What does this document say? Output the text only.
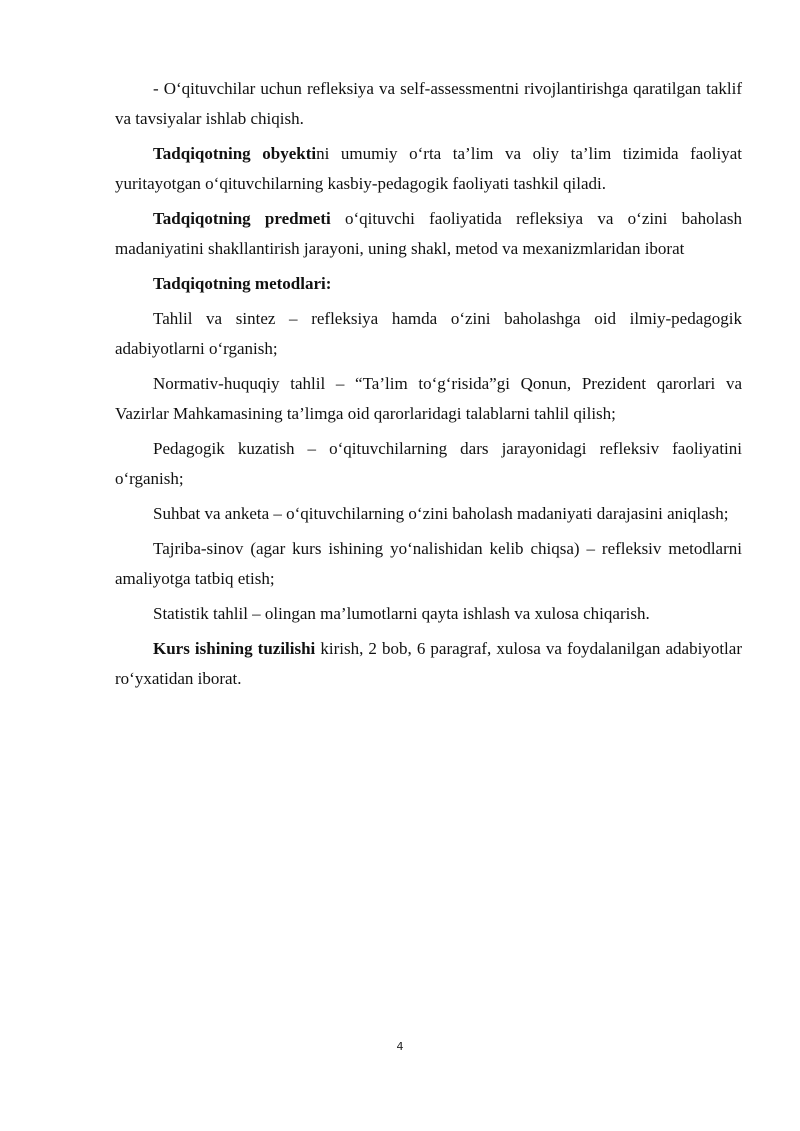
- O‘qituvchilar uchun refleksiya va self-assessmentni rivojlantirishga qaratilgan taklif va tavsiyalar ishlab chiqish.

Tadqiqotning obyektini umumiy o‘rta ta’lim va oliy ta’lim tizimida faoliyat yuritayotgan o‘qituvchilarning kasbiy-pedagogik faoliyati tashkil qiladi.

Tadqiqotning predmeti o‘qituvchi faoliyatida refleksiya va o‘zini baholash madaniyatini shakllantirish jarayoni, uning shakl, metod va mexanizmlaridan iborat

Tadqiqotning metodlari:

Tahlil va sintez – refleksiya hamda o‘zini baholashga oid ilmiy-pedagogik adabiyotlarni o‘rganish;

Normativ-huquqiy tahlil – “Ta’lim to‘g‘risida”gi Qonun, Prezident qarorlari va Vazirlar Mahkamasining ta’limga oid qarorlaridagi talablarni tahlil qilish;

Pedagogik kuzatish – o‘qituvchilarning dars jarayonidagi refleksiv faoliyatini o‘rganish;

Suhbat va anketa – o‘qituvchilarning o‘zini baholash madaniyati darajasini aniqlash;

Tajriba-sinov (agar kurs ishining yo‘nalishidan kelib chiqsa) – refleksiv metodlarni amaliyotga tatbiq etish;

Statistik tahlil – olingan ma’lumotlarni qayta ishlash va xulosa chiqarish.

Kurs ishining tuzilishi kirish, 2 bob, 6 paragraf, xulosa va foydalanilgan adabiyotlar ro‘yxatidan iborat.

4
